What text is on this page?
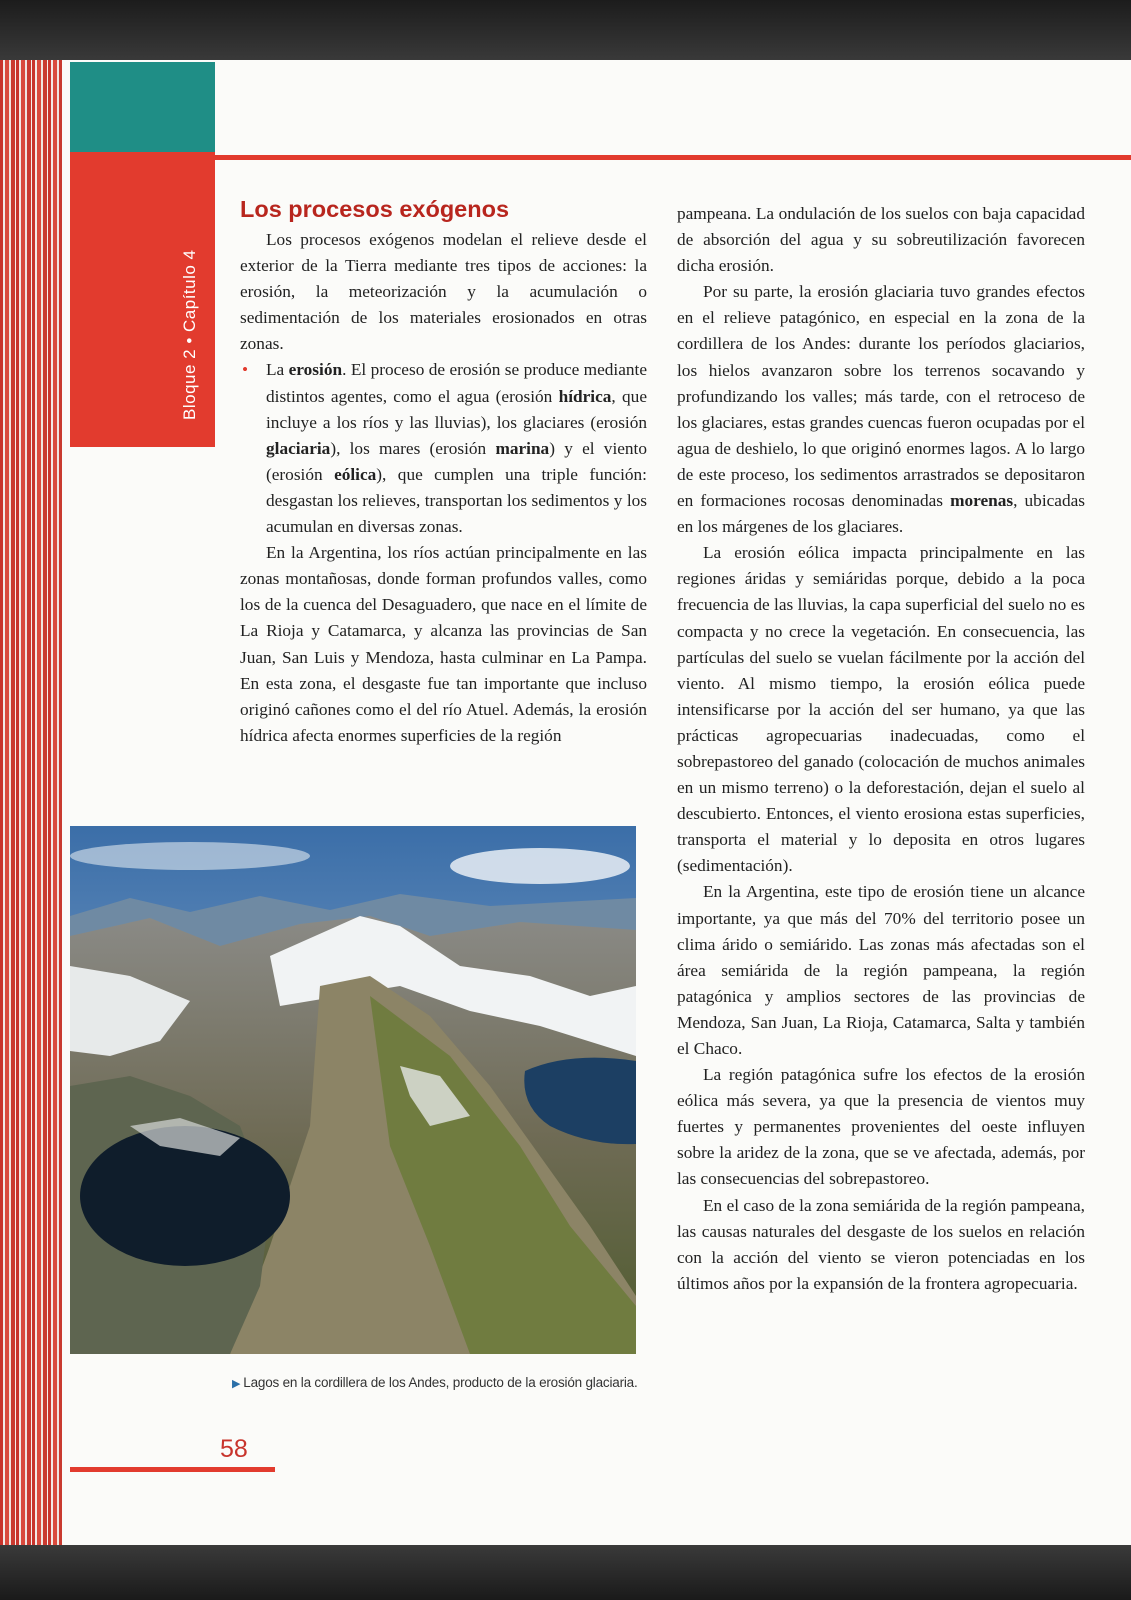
Bloque 2 • Capítulo 4
Los procesos exógenos

Los procesos exógenos modelan el relieve desde el exterior de la Tierra mediante tres tipos de acciones: la erosión, la meteorización y la acumulación o sedimentación de los materiales erosionados en otras zonas.

• La erosión. El proceso de erosión se produce mediante distintos agentes, como el agua (erosión hídrica, que incluye a los ríos y las lluvias), los glaciares (erosión glaciaria), los mares (erosión marina) y el viento (erosión eólica), que cumplen una triple función: desgastan los relieves, transportan los sedimentos y los acumulan en diversas zonas.

En la Argentina, los ríos actúan principalmente en las zonas montañosas, donde forman profundos valles, como los de la cuenca del Desaguadero, que nace en el límite de La Rioja y Catamarca, y alcanza las provincias de San Juan, San Luis y Mendoza, hasta culminar en La Pampa. En esta zona, el desgaste fue tan importante que incluso originó cañones como el del río Atuel. Además, la erosión hídrica afecta enormes superficies de la región

▶ Lagos en la cordillera de los Andes, producto de la erosión glaciaria.

pampeana. La ondulación de los suelos con baja capacidad de absorción del agua y su sobreutilización favorecen dicha erosión.

Por su parte, la erosión glaciaria tuvo grandes efectos en el relieve patagónico, en especial en la zona de la cordillera de los Andes: durante los períodos glaciarios, los hielos avanzaron sobre los terrenos socavando y profundizando los valles; más tarde, con el retroceso de los glaciares, estas grandes cuencas fueron ocupadas por el agua de deshielo, lo que originó enormes lagos. A lo largo de este proceso, los sedimentos arrastrados se depositaron en formaciones rocosas denominadas morenas, ubicadas en los márgenes de los glaciares.

La erosión eólica impacta principalmente en las regiones áridas y semiáridas porque, debido a la poca frecuencia de las lluvias, la capa superficial del suelo no es compacta y no crece la vegetación. En consecuencia, las partículas del suelo se vuelan fácilmente por la acción del viento. Al mismo tiempo, la erosión eólica puede intensificarse por la acción del ser humano, ya que las prácticas agropecuarias inadecuadas, como el sobrepastoreo del ganado (colocación de muchos animales en un mismo terreno) o la deforestación, dejan el suelo al descubierto. Entonces, el viento erosiona estas superficies, transporta el material y lo deposita en otros lugares (sedimentación).

En la Argentina, este tipo de erosión tiene un alcance importante, ya que más del 70% del territorio posee un clima árido o semiárido. Las zonas más afectadas son el área semiárida de la región pampeana, la región patagónica y amplios sectores de las provincias de Mendoza, San Juan, La Rioja, Catamarca, Salta y también el Chaco.

La región patagónica sufre los efectos de la erosión eólica más severa, ya que la presencia de vientos muy fuertes y permanentes provenientes del oeste influyen sobre la aridez de la zona, que se ve afectada, además, por las consecuencias del sobrepastoreo.

En el caso de la zona semiárida de la región pampeana, las causas naturales del desgaste de los suelos en relación con la acción del viento se vieron potenciadas en los últimos años por la expansión de la frontera agropecuaria.

58
